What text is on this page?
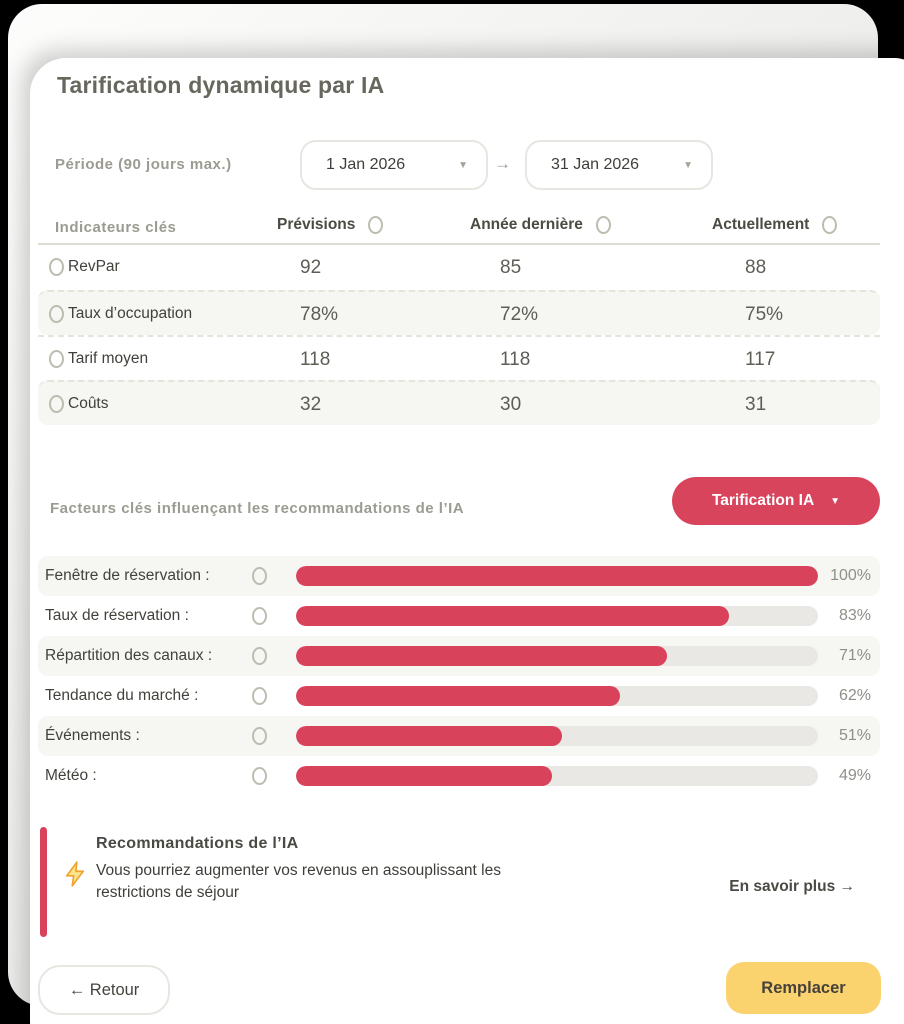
Tarification dynamique par IA
Période (90 jours max.)	1 Jan 2026	▼ →	31 Jan 2026	▼
Indicateurs clés	Prévisions	Année dernière	Actuellement
RevPar	92	85	88
Taux d’occupation	78%	72%	75%
Tarif moyen	118	118	117
Coûts	32	30	31
Facteurs clés influençant les recommandations de l’IA	Tarification IA ▼
Fenêtre de réservation :	100%
Taux de réservation :	83%
Répartition des canaux :	71%
Tendance du marché :	62%
Événements :	51%
Météo :	49%
Recommandations de l’IA
Vous pourriez augmenter vos revenus en assouplissant les restrictions de séjour	En savoir plus →
← Retour	Remplacer
